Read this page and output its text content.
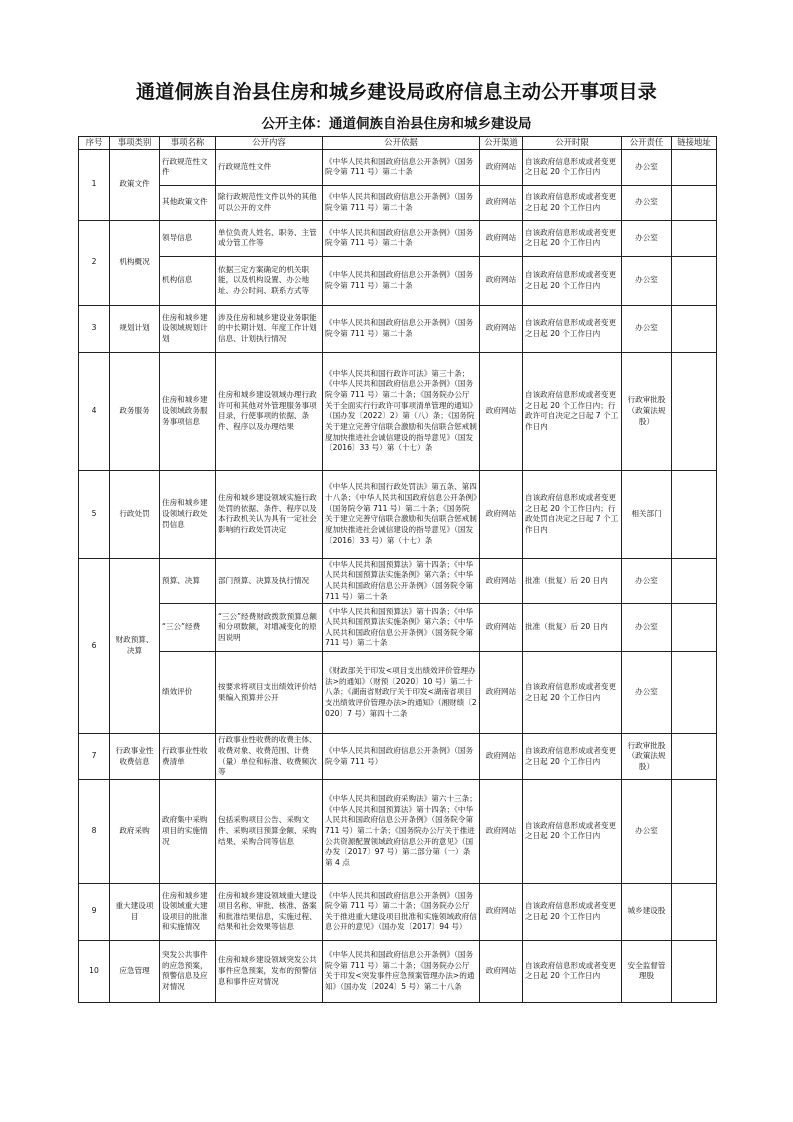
通道侗族自治县住房和城乡建设局政府信息主动公开事项目录
公开主体：通道侗族自治县住房和城乡建设局
序号	事项类别	事项名称	公开内容	公开依据	公开渠道	公开时限	公开责任	链接地址
1	政策文件	行政规范性文件	行政规范性文件	《中华人民共和国政府信息公开条例》（国务院令第 711 号）第二十条	政府网站	自该政府信息形成或者变更之日起 20 个工作日内	办公室	
		其他政策文件	除行政规范性文件以外的其他可以公开的文件	《中华人民共和国政府信息公开条例》（国务院令第 711 号）第二十条	政府网站	自该政府信息形成或者变更之日起 20 个工作日内	办公室	
2	机构概况	领导信息	单位负责人姓名、职务、主管或分管工作等	《中华人民共和国政府信息公开条例》（国务院令第 711 号）第二十条	政府网站	自该政府信息形成或者变更之日起 20 个工作日内	办公室	
		机构信息	依据三定方案确定的机关职能，以及机构设置、办公地址、办公时间、联系方式等	《中华人民共和国政府信息公开条例》（国务院令第 711 号）第二十条	政府网站	自该政府信息形成或者变更之日起 20 个工作日内	办公室	
3	规划计划	住房和城乡建设领域规划计划	涉及住房和城乡建设业务职能的中长期计划、年度工作计划信息、计划执行情况	《中华人民共和国政府信息公开条例》（国务院令第 711 号）第二十条	政府网站	自该政府信息形成或者变更之日起 20 个工作日内	办公室	
4	政务服务	住房和城乡建设领域政务服务事项信息	住房和城乡建设领域办理行政许可和其他对外管理服务事项目录，行使事项的依据、条件、程序以及办理结果	《中华人民共和国行政许可法》第三十条；《中华人民共和国政府信息公开条例》（国务院令第 711 号）第二十条；《国务院办公厅关于全面实行行政许可事项清单管理的通知》（国办发〔2022〕2）第（八）条；《国务院关于建立完善守信联合激励和失信联合惩戒制度加快推进社会诚信建设的指导意见》（国发〔2016〕33 号）第（十七）条	政府网站	自该政府信息形成或者变更之日起 20 个工作日内；行政许可自决定之日起 7 个工作日内	行政审批股（政策法规股）	
5	行政处罚	住房和城乡建设领域行政处罚信息	住房和城乡建设领域实施行政处罚的依据、条件、程序以及本行政机关认为具有一定社会影响的行政处罚决定	《中华人民共和国行政处罚法》第五条、第四十八条；《中华人民共和国政府信息公开条例》（国务院令第 711 号）第二十条；《国务院关于建立完善守信联合激励和失信联合惩戒制度加快推进社会诚信建设的指导意见》（国发〔2016〕33 号）第（十七）条	政府网站	自该政府信息形成或者变更之日起 20 个工作日内；行政处罚自决定之日起 7 个工作日内	相关部门	
6	财政预算、决算	预算、决算	部门预算、决算及执行情况	《中华人民共和国预算法》第十四条；《中华人民共和国预算法实施条例》第六条；《中华人民共和国政府信息公开条例》（国务院令第 711 号）第二十条	政府网站	批准（批复）后 20 日内	办公室	
		“三公”经费	“三公”经费财政拨款预算总额和分项数额，对增减变化的原因说明	《中华人民共和国预算法》第十四条；《中华人民共和国预算法实施条例》第六条；《中华人民共和国政府信息公开条例》（国务院令第 711 号）第二十条	政府网站	批准（批复）后 20 日内	办公室	
		绩效评价	按要求将项目支出绩效评价结果编入预算并公开	《财政部关于印发<项目支出绩效评价管理办法>的通知》（财预〔2020〕10 号）第二十八条；《湖南省财政厅关于印发<湖南省项目支出绩效评价管理办法>的通知》（湘财绩〔2020〕7 号）第四十二条	政府网站	自该政府信息形成或者变更之日起 20 个工作日内	办公室	
7	行政事业性收费信息	行政事业性收费清单	行政事业性收费的收费主体、收费对象、收费范围、计费（量）单位和标准、收费频次等	《中华人民共和国政府信息公开条例》（国务院令第 711 号）	政府网站	自该政府信息形成或者变更之日起 20 个工作日内	行政审批股（政策法规股）	
8	政府采购	政府集中采购项目的实施情况	包括采购项目公告、采购文件、采购项目预算金额、采购结果、采购合同等信息	《中华人民共和国政府采购法》第六十三条；《中华人民共和国预算法》第十四条；《中华人民共和国政府信息公开条例》（国务院令第 711 号）第二十条；《国务院办公厅关于推进公共资源配置领域政府信息公开的意见》（国办发〔2017〕97 号）第二部分第（一）条第 4 点	政府网站	自该政府信息形成或者变更之日起 20 个工作日内	办公室	
9	重大建设项目	住房和城乡建设领域重大建设项目的批准和实施情况	住房和城乡建设领域重大建设项目名称、审批、核准、备案和批准结果信息，实施过程、结果和社会效果等信息	《中华人民共和国政府信息公开条例》（国务院令第 711 号）第二十条；《国务院办公厅关于推进重大建设项目批准和实施领域政府信息公开的意见》（国办发〔2017〕94 号）	政府网站	自该政府信息形成或者变更之日起 20 个工作日内	城乡建设股	
10	应急管理	突发公共事件的应急预案，预警信息及应对情况	住房和城乡建设领域突发公共事件应急预案，发布的预警信息和事件应对情况	《中华人民共和国政府信息公开条例》（国务院令第 711 号）第二十条；《国务院办公厅关于印发<突发事件应急预案管理办法>的通知》（国办发〔2024〕5 号）第二十八条	政府网站	自该政府信息形成或者变更之日起 20 个工作日内	安全监督管理股	
